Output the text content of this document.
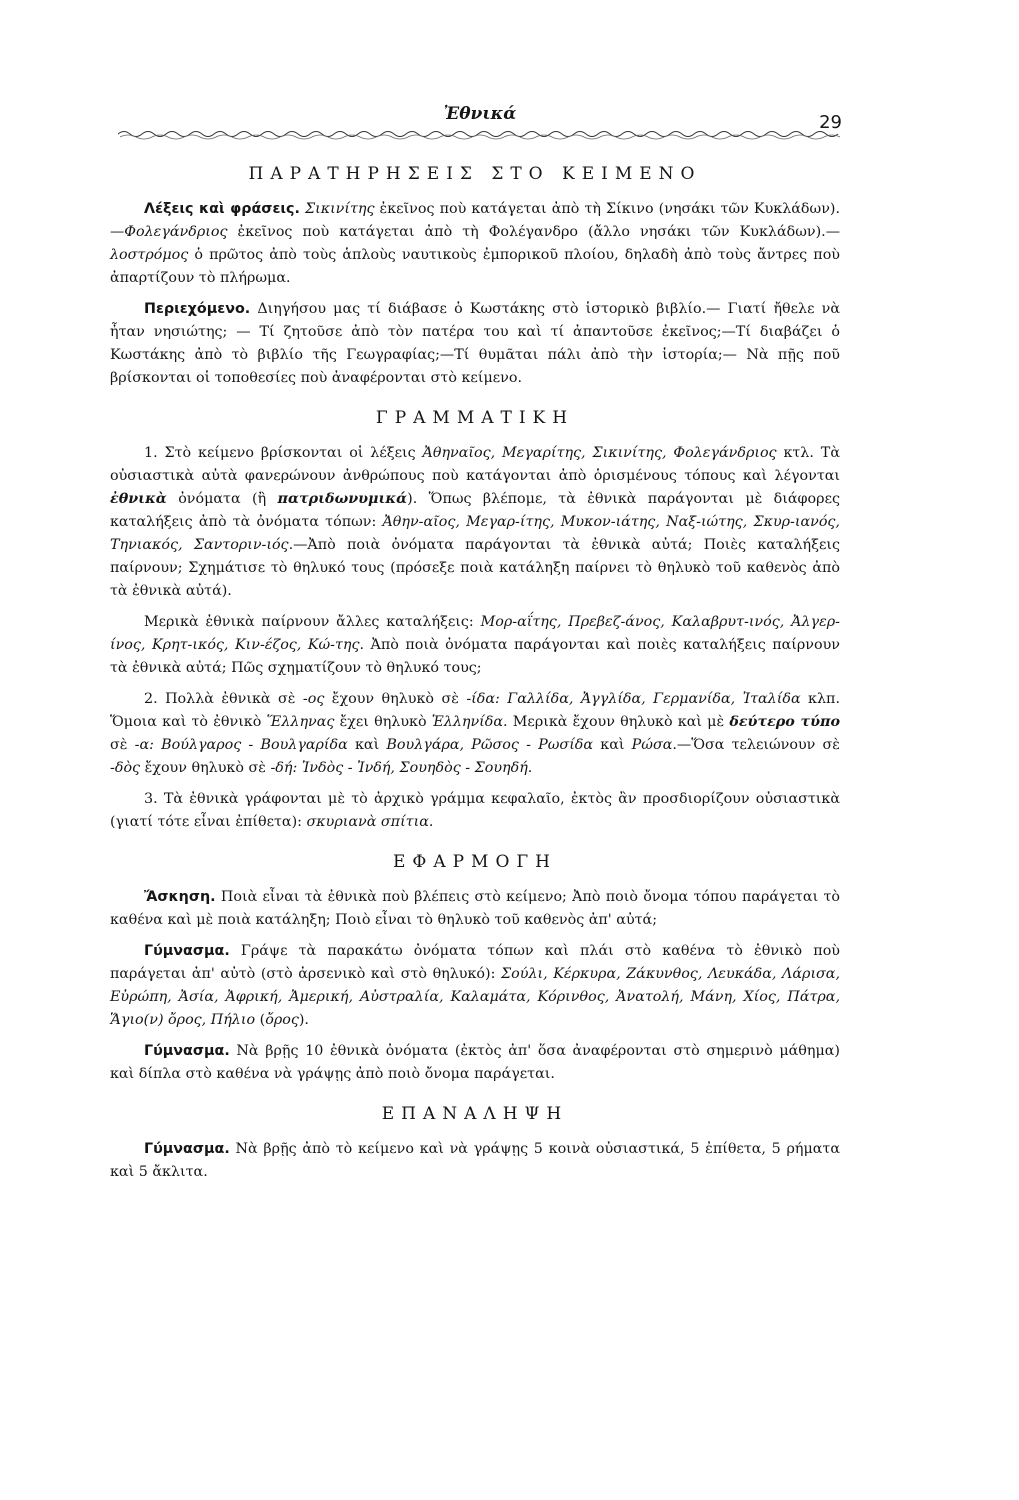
Ἐθνικά	29
ΠΑΡΑΤΗΡΗΣΕΙΣ ΣΤΟ ΚΕΙΜΕΝΟ

Λέξεις καὶ φράσεις. Σικινίτης ἐκεῖνος ποὺ κατάγεται ἀπὸ τὴ Σίκινο (νησάκι τῶν Κυκλάδων).—Φολεγάνδριος ἐκεῖνος ποὺ κατάγεται ἀπὸ τὴ Φολέγανδρο (ἄλλο νησάκι τῶν Κυκλάδων).—λοστρόμος ὁ πρῶτος ἀπὸ τοὺς ἁπλοὺς ναυτικοὺς ἐμπορικοῦ πλοίου, δηλαδὴ ἀπὸ τοὺς ἄντρες ποὺ ἀπαρτίζουν τὸ πλήρωμα.

Περιεχόμενο. Διηγήσου μας τί διάβασε ὁ Κωστάκης στὸ ἱστορικὸ βιβλίο.— Γιατί ἤθελε νὰ ἦταν νησιώτης; — Τί ζητοῦσε ἀπὸ τὸν πατέρα του καὶ τί ἀπαντοῦσε ἐκεῖνος;—Τί διαβάζει ὁ Κωστάκης ἀπὸ τὸ βιβλίο τῆς Γεωγραφίας;—Τί θυμᾶται πάλι ἀπὸ τὴν ἱστορία;— Νὰ πῇς ποῦ βρίσκονται οἱ τοποθεσίες ποὺ ἀναφέρονται στὸ κείμενο.

ΓΡΑΜΜΑΤΙΚΗ

1. Στὸ κείμενο βρίσκονται οἱ λέξεις Ἀθηναῖος, Μεγαρίτης, Σικινίτης, Φολεγάνδριος κτλ. Τὰ οὐσιαστικὰ αὐτὰ φανερώνουν ἀνθρώπους ποὺ κατάγονται ἀπὸ ὁρισμένους τόπους καὶ λέγονται ἐθνικὰ ὀνόματα (ἢ πατριδωνυμικά). Ὅπως βλέπομε, τὰ ἐθνικὰ παράγονται μὲ διάφορες καταλήξεις ἀπὸ τὰ ὀνόματα τόπων: Ἀθην-αῖος, Μεγαρ-ίτης, Μυκον-ιάτης, Ναξ-ιώτης, Σκυρ-ιανός, Τηνιακός, Σαντοριν-ιός.—Ἀπὸ ποιὰ ὀνόματα παράγονται τὰ ἐθνικὰ αὐτά; Ποιὲς καταλήξεις παίρνουν; Σχημάτισε τὸ θηλυκό τους (πρόσεξε ποιὰ κατάληξη παίρνει τὸ θηλυκὸ τοῦ καθενὸς ἀπὸ τὰ ἐθνικὰ αὐτά).

Μερικὰ ἐθνικὰ παίρνουν ἄλλες καταλήξεις: Μορ-αΐτης, Πρεβεζ-άνος, Καλαβρυτ-ινός, Ἀλγερ-ίνος, Κρητ-ικός, Κιν-έζος, Κώ-της. Ἀπὸ ποιὰ ὀνόματα παράγονται καὶ ποιὲς καταλήξεις παίρνουν τὰ ἐθνικὰ αὐτά; Πῶς σχηματίζουν τὸ θηλυκό τους;

2. Πολλὰ ἐθνικὰ σὲ -ος ἔχουν θηλυκὸ σὲ -ίδα: Γαλλίδα, Ἀγγλίδα, Γερμανίδα, Ἰταλίδα κλπ. Ὅμοια καὶ τὸ ἐθνικὸ Ἕλληνας ἔχει θηλυκὸ Ἑλληνίδα. Μερικὰ ἔχουν θηλυκὸ καὶ μὲ δεύτερο τύπο σὲ -α: Βούλγαρος - Βουλγαρίδα καὶ Βουλγάρα, Ρῶσος - Ρωσίδα καὶ Ρώσα.—Ὅσα τελειώνουν σὲ -δὸς ἔχουν θηλυκὸ σὲ -δή: Ἰνδὸς - Ἰνδή, Σουηδὸς - Σουηδή.

3. Τὰ ἐθνικὰ γράφονται μὲ τὸ ἀρχικὸ γράμμα κεφαλαῖο, ἐκτὸς ἂν προσδιορίζουν οὐσιαστικὰ (γιατί τότε εἶναι ἐπίθετα): σκυριανὰ σπίτια.

ΕΦΑΡΜΟΓΗ

Ἄσκηση. Ποιὰ εἶναι τὰ ἐθνικὰ ποὺ βλέπεις στὸ κείμενο; Ἀπὸ ποιὸ ὄνομα τόπου παράγεται τὸ καθένα καὶ μὲ ποιὰ κατάληξη; Ποιὸ εἶναι τὸ θηλυκὸ τοῦ καθενὸς ἀπ' αὐτά;

Γύμνασμα. Γράψε τὰ παρακάτω ὀνόματα τόπων καὶ πλάι στὸ καθένα τὸ ἐθνικὸ ποὺ παράγεται ἀπ' αὐτὸ (στὸ ἀρσενικὸ καὶ στὸ θηλυκό): Σούλι, Κέρκυρα, Ζάκυνθος, Λευκάδα, Λάρισα, Εὐρώπη, Ἀσία, Ἀφρική, Ἀμερική, Αὐστραλία, Καλαμάτα, Κόρινθος, Ἀνατολή, Μάνη, Χίος, Πάτρα, Ἅγιο(ν) ὄρος, Πήλιο (ὄρος).

Γύμνασμα. Νὰ βρῇς 10 ἐθνικὰ ὀνόματα (ἐκτὸς ἀπ' ὅσα ἀναφέρονται στὸ σημερινὸ μάθημα) καὶ δίπλα στὸ καθένα νὰ γράψῃς ἀπὸ ποιὸ ὄνομα παράγεται.

ΕΠΑΝΑΛΗΨΗ

Γύμνασμα. Νὰ βρῇς ἀπὸ τὸ κείμενο καὶ νὰ γράψῃς 5 κοινὰ οὐσιαστικά, 5 ἐπίθετα, 5 ρήματα καὶ 5 ἄκλιτα.
